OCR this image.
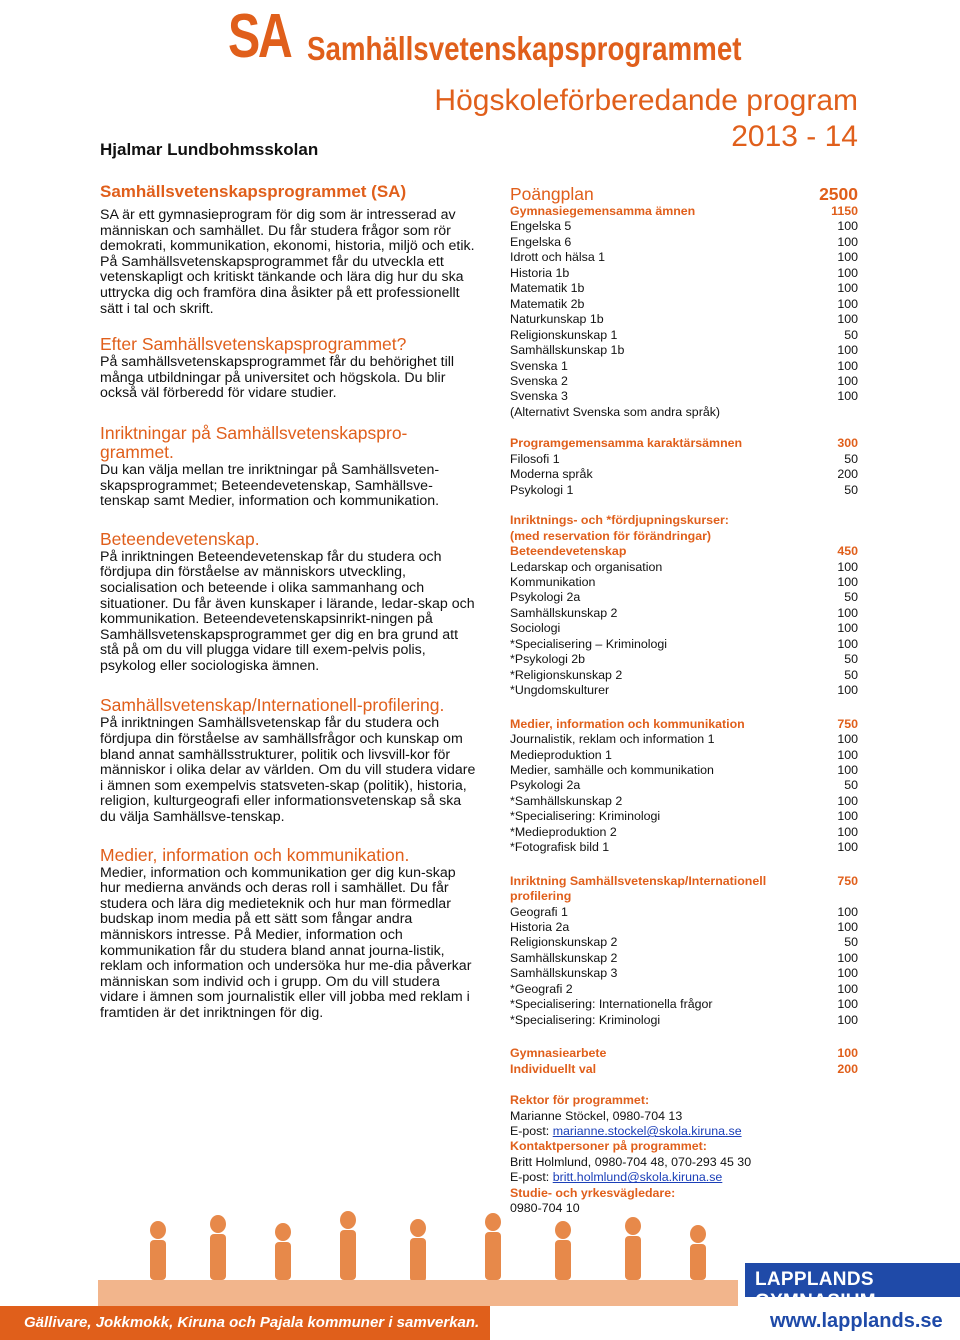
SA Samhällsvetenskapsprogrammet
Högskoleförberedande program
2013 - 14
Hjalmar Lundbohmsskolan
Samhällsvetenskapsprogrammet (SA)

SA är ett gymnasieprogram för dig som är intresserad av människan och samhället. Du får studera frågor som rör demokrati, kommunikation, ekonomi, historia, miljö och etik. På Samhällsvetenskapsprogrammet får du utveckla ett vetenskapligt och kritiskt tänkande och lära dig hur du ska uttrycka dig och framföra dina åsikter på ett professionellt sätt i tal och skrift.

Efter Samhällsvetenskapsprogrammet?

På samhällsvetenskapsprogrammet får du behörighet till många utbildningar på universitet och högskola. Du blir också väl förberedd för vidare studier.

Inriktningar på Samhällsvetenskapspro-grammet.

Du kan välja mellan tre inriktningar på Samhällsveten-skapsprogrammet; Beteendevetenskap, Samhällsve-tenskap samt Medier, information och kommunikation.

Beteendevetenskap.

På inriktningen Beteendevetenskap får du studera och fördjupa din förståelse av människors utveckling, socialisation och beteende i olika sammanhang och situationer. Du får även kunskaper i lärande, ledar-skap och kommunikation. Beteendevetenskapsinrikt-ningen på Samhällsvetenskapsprogrammet ger dig en bra grund att stå på om du vill plugga vidare till exem-pelvis polis, psykolog eller sociologiska ämnen.

Samhällsvetenskap/Internationell-profilering.

På inriktningen Samhällsvetenskap får du studera och fördjupa din förståelse av samhällsfrågor och kunskap om bland annat samhällsstrukturer, politik och livsvill-kor för människor i olika delar av världen. Om du vill studera vidare i ämnen som exempelvis statsveten-skap (politik), historia, religion, kulturgeografi eller informationsvetenskap så ska du välja Samhällsve-tenskap.

Medier, information och kommunikation.

Medier, information och kommunikation ger dig kun-skap hur medierna används och deras roll i samhället. Du får studera och lära dig medieteknik och hur man förmedlar budskap inom media på ett sätt som fångar andra människors intresse. På Medier, information och kommunikation får du studera bland annat journa-listik, reklam och information och undersöka hur me-dia påverkar människan som individ och i grupp. Om du vill studera vidare i ämnen som journalistik eller vill jobba med reklam i framtiden är det inriktningen för dig.

Poängplan	2500
Gymnasiegemensamma ämnen	1150
Engelska 5	100
Engelska 6	100
Idrott och hälsa 1	100
Historia 1b	100
Matematik 1b	100
Matematik 2b	100
Naturkunskap 1b	100
Religionskunskap 1	50
Samhällskunskap 1b	100
Svenska 1	100
Svenska 2	100
Svenska 3	100
(Alternativt Svenska som andra språk)
Programgemensamma karaktärsämnen	300
Filosofi 1	50
Moderna språk	200
Psykologi 1	50
Inriktnings- och *fördjupningskurser:
(med reservation för förändringar)
Beteendevetenskap	450
Ledarskap och organisation	100
Kommunikation	100
Psykologi 2a	50
Samhällskunskap 2	100
Sociologi	100
*Specialisering – Kriminologi	100
*Psykologi 2b	50
*Religionskunskap 2	50
*Ungdomskulturer	100
Medier, information och kommunikation	750
Journalistik, reklam och information 1	100
Medieproduktion 1	100
Medier, samhälle och kommunikation	100
Psykologi 2a	50
*Samhällskunskap 2	100
*Specialisering: Kriminologi	100
*Medieproduktion 2	100
*Fotografisk bild 1	100
Inriktning Samhällsvetenskap/Internationell	750
profilering
Geografi 1	100
Historia 2a	100
Religionskunskap 2	50
Samhällskunskap 2	100
Samhällskunskap 3	100
*Geografi 2	100
*Specialisering: Internationella frågor	100
*Specialisering: Kriminologi	100
Gymnasiearbete	100
Individuellt val	200
Rektor för programmet:
Marianne Stöckel, 0980-704 13
E-post: marianne.stockel@skola.kiruna.se
Kontaktpersoner på programmet:
Britt Holmlund, 0980-704 48, 070-293 45 30
E-post: britt.holmlund@skola.kiruna.se
Studie- och yrkesvägledare:
0980-704 10
Gällivare, Jokkmokk, Kiruna och Pajala kommuner i samverkan.
LAPPLANDS GYMNASIUM
www.lapplands.se
